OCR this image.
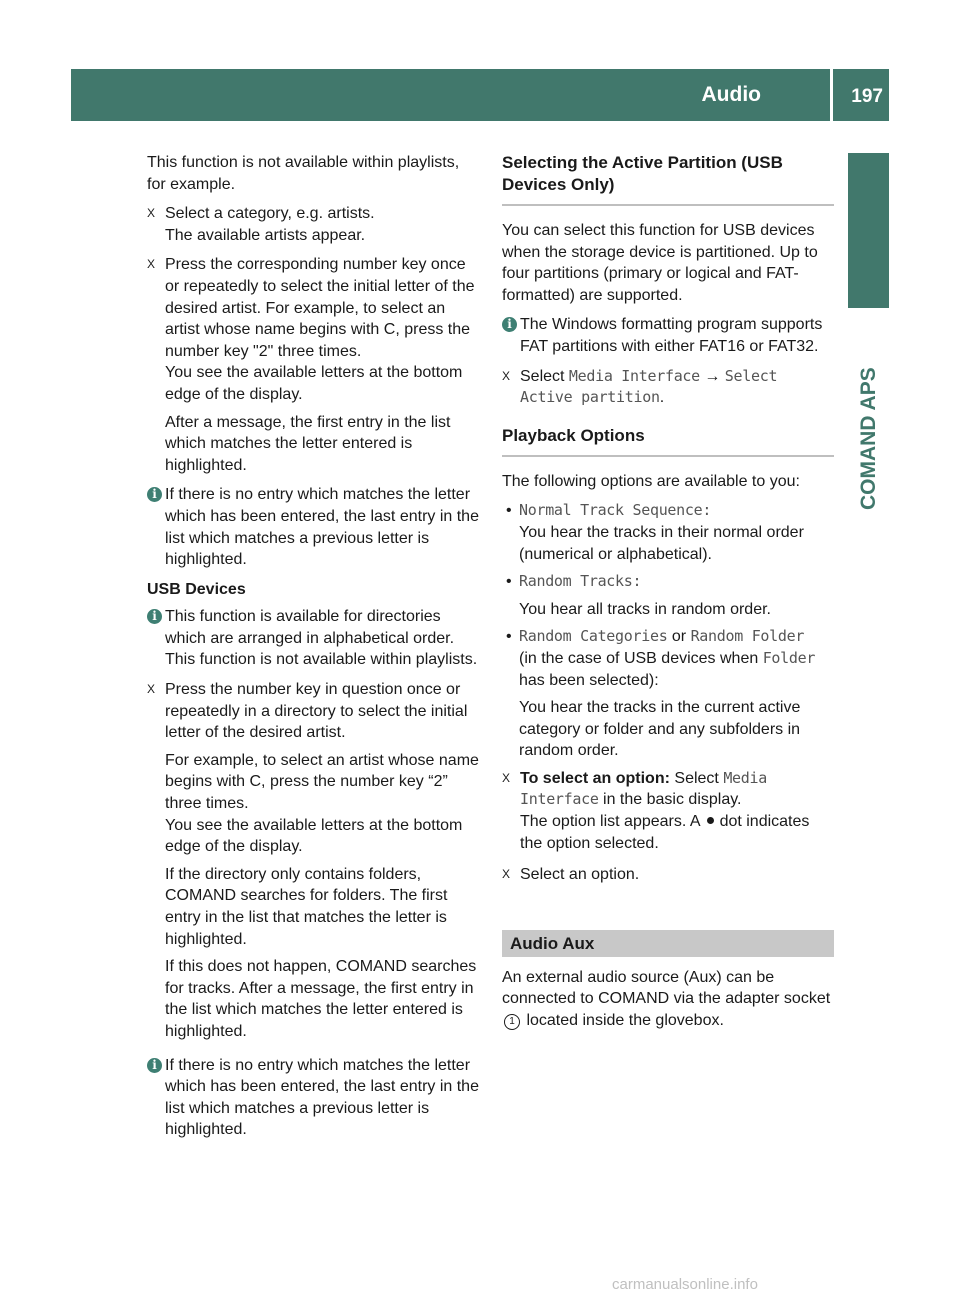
Audio	197
COMAND APS

This function is not available within playlists, for example.

X Select a category, e.g. artists.
The available artists appear.
X Press the corresponding number key once or repeatedly to select the initial letter of the desired artist. For example, to select an artist whose name begins with C, press the number key "2" three times.
You see the available letters at the bottom edge of the display.
After a message, the first entry in the list which matches the letter entered is highlighted.
i If there is no entry which matches the letter which has been entered, the last entry in the list which matches a previous letter is highlighted.
USB Devices
i This function is available for directories which are arranged in alphabetical order. This function is not available within playlists.
X Press the number key in question once or repeatedly in a directory to select the initial letter of the desired artist.
For example, to select an artist whose name begins with C, press the number key “2” three times.
You see the available letters at the bottom edge of the display.
If the directory only contains folders, COMAND searches for folders. The first entry in the list that matches the letter is highlighted.
If this does not happen, COMAND searches for tracks. After a message, the first entry in the list which matches the letter entered is highlighted.
i If there is no entry which matches the letter which has been entered, the last entry in the list which matches a previous letter is highlighted.
Selecting the Active Partition (USB Devices Only)

You can select this function for USB devices when the storage device is partitioned. Up to four partitions (primary or logical and FAT-formatted) are supported.

i The Windows formatting program supports FAT partitions with either FAT16 or FAT32.
X Select Media Interface → Select Active partition.
Playback Options

The following options are available to you:

• Normal Track Sequence:
You hear the tracks in their normal order (numerical or alphabetical).
• Random Tracks:
You hear all tracks in random order.
• Random Categories or Random Folder
(in the case of USB devices when Folder has been selected):
You hear the tracks in the current active category or folder and any subfolders in random order.
X To select an option: Select Media Interface in the basic display.
The option list appears. A dot indicates the option selected.
X Select an option.
Audio Aux

An external audio source (Aux) can be connected to COMAND via the adapter socket 1 located inside the glovebox.

carmanualsonline.info
